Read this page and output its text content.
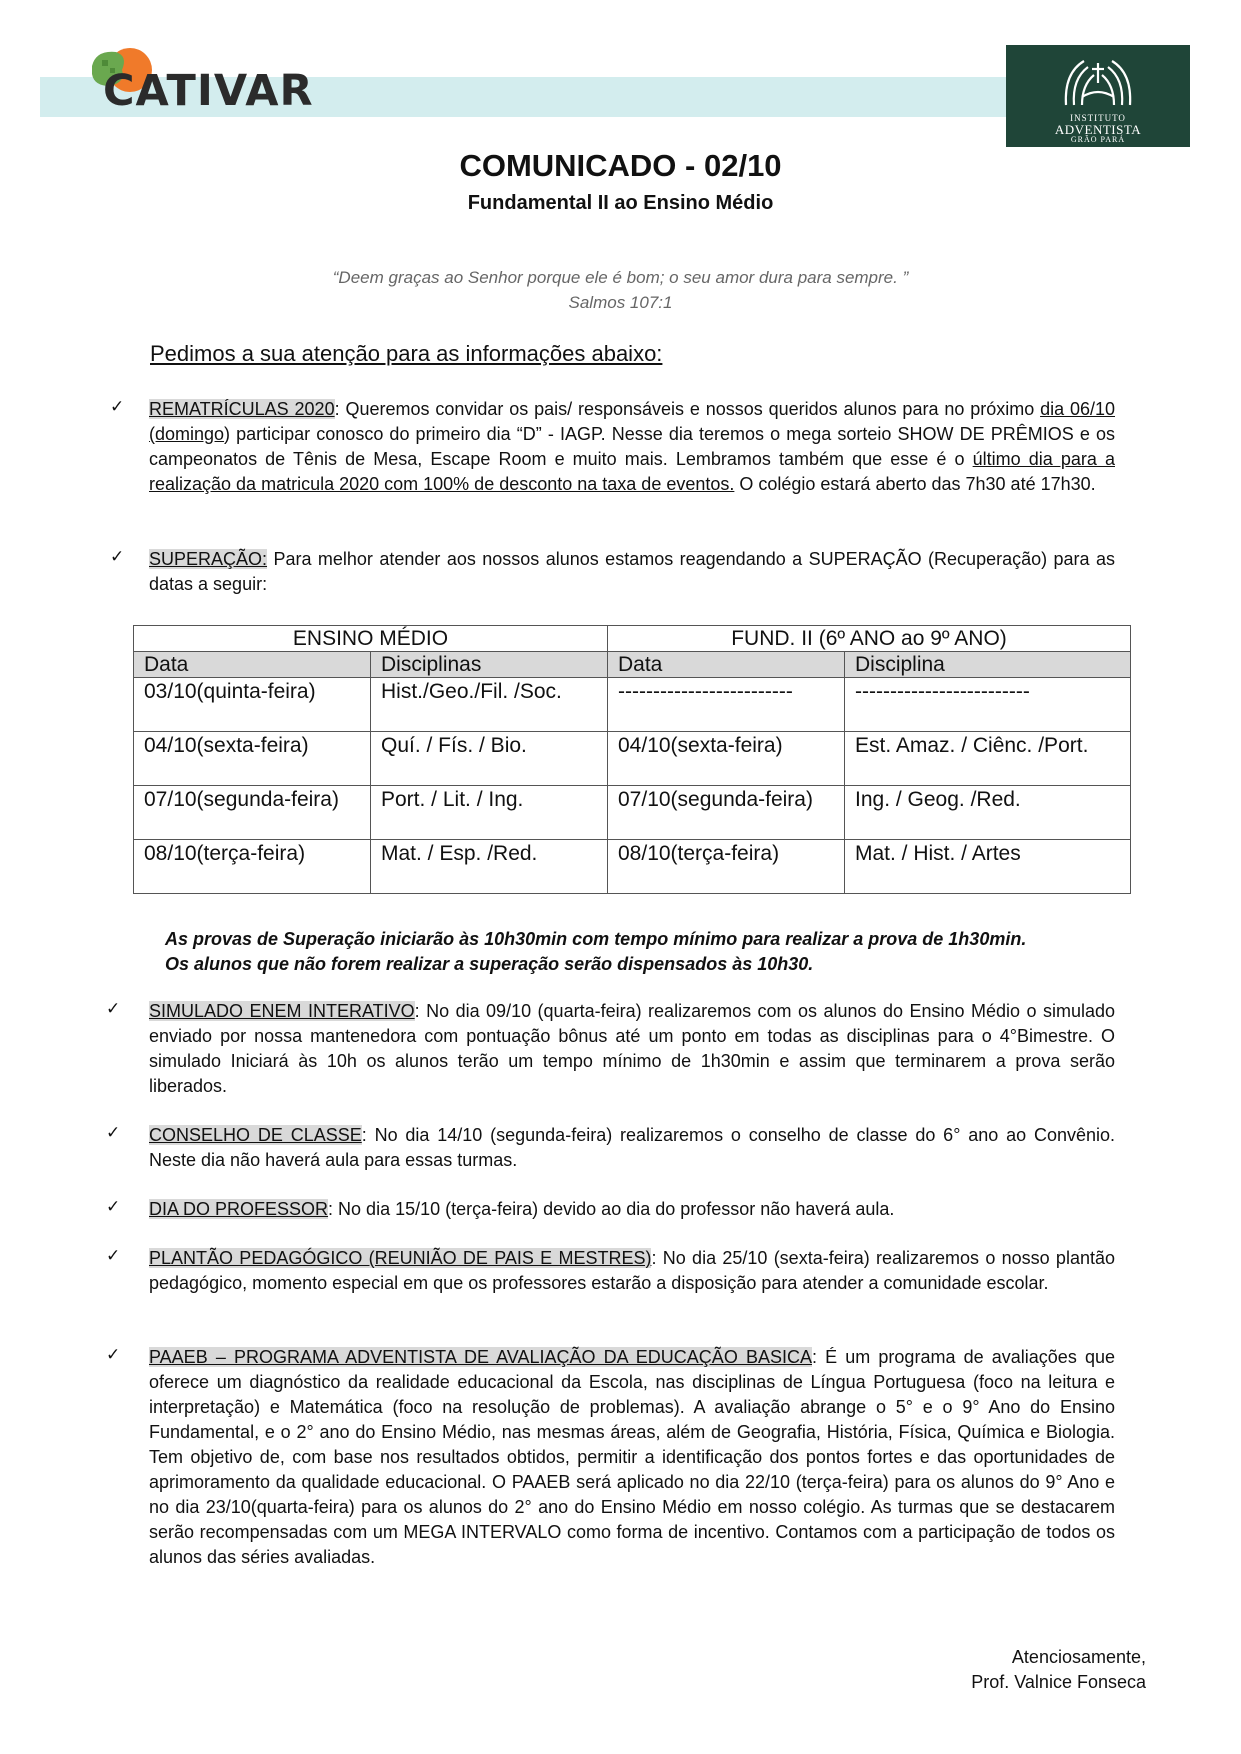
CATIVAR
INSTITUTO
ADVENTISTA
GRÃO PARÁ
COMUNICADO - 02/10
Fundamental II ao Ensino Médio
“Deem graças ao Senhor porque ele é bom; o seu amor dura para sempre. ”
Salmos 107:1
Pedimos a sua atenção para as informações abaixo:
✓	REMATRÍCULAS 2020: Queremos convidar os pais/ responsáveis e nossos queridos alunos para no próximo dia 06/10 (domingo) participar conosco do primeiro dia “D” - IAGP. Nesse dia teremos o mega sorteio SHOW DE PRÊMIOS e os campeonatos de Tênis de Mesa, Escape Room e muito mais. Lembramos também que esse é o último dia para a realização da matricula 2020 com 100% de desconto na taxa de eventos. O colégio estará aberto das 7h30 até 17h30.
✓	SUPERAÇÃO: Para melhor atender aos nossos alunos estamos reagendando a SUPERAÇÃO (Recuperação) para as datas a seguir:
ENSINO MÉDIO		FUND. II (6º ANO ao 9º ANO)	
Data	Disciplinas	Data	Disciplina
03/10(quinta-feira)	Hist./Geo./Fil. /Soc.	-------------------------	-------------------------
04/10(sexta-feira)	Quí. / Fís. / Bio.	04/10(sexta-feira)	Est. Amaz. / Ciênc. /Port.
07/10(segunda-feira)	Port. / Lit. / Ing.	07/10(segunda-feira)	Ing. / Geog. /Red.
08/10(terça-feira)	Mat. / Esp. /Red.	08/10(terça-feira)	Mat. / Hist. / Artes
As provas de Superação iniciarão às 10h30min com tempo mínimo para realizar a prova de 1h30min.
Os alunos que não forem realizar a superação serão dispensados às 10h30.
✓	SIMULADO ENEM INTERATIVO: No dia 09/10 (quarta-feira) realizaremos com os alunos do Ensino Médio o simulado enviado por nossa mantenedora com pontuação bônus até um ponto em todas as disciplinas para o 4°Bimestre. O simulado Iniciará às 10h os alunos terão um tempo mínimo de 1h30min e assim que terminarem a prova serão liberados.
✓	CONSELHO DE CLASSE: No dia 14/10 (segunda-feira) realizaremos o conselho de classe do 6° ano ao Convênio. Neste dia não haverá aula para essas turmas.
✓	DIA DO PROFESSOR: No dia 15/10 (terça-feira) devido ao dia do professor não haverá aula.
✓	PLANTÃO PEDAGÓGICO (REUNIÃO DE PAIS E MESTRES): No dia 25/10 (sexta-feira) realizaremos o nosso plantão pedagógico, momento especial em que os professores estarão a disposição para atender a comunidade escolar.
✓	PAAEB – PROGRAMA ADVENTISTA DE AVALIAÇÃO DA EDUCAÇÃO BASICA: É um programa de avaliações que oferece um diagnóstico da realidade educacional da Escola, nas disciplinas de Língua Portuguesa (foco na leitura e interpretação) e Matemática (foco na resolução de problemas). A avaliação abrange o 5° e o 9° Ano do Ensino Fundamental, e o 2° ano do Ensino Médio, nas mesmas áreas, além de Geografia, História, Física, Química e Biologia. Tem objetivo de, com base nos resultados obtidos, permitir a identificação dos pontos fortes e das oportunidades de aprimoramento da qualidade educacional. O PAAEB será aplicado no dia 22/10 (terça-feira) para os alunos do 9° Ano e no dia 23/10(quarta-feira) para os alunos do 2° ano do Ensino Médio em nosso colégio. As turmas que se destacarem serão recompensadas com um MEGA INTERVALO como forma de incentivo. Contamos com a participação de todos os alunos das séries avaliadas.
Atenciosamente,
Prof. Valnice Fonseca
